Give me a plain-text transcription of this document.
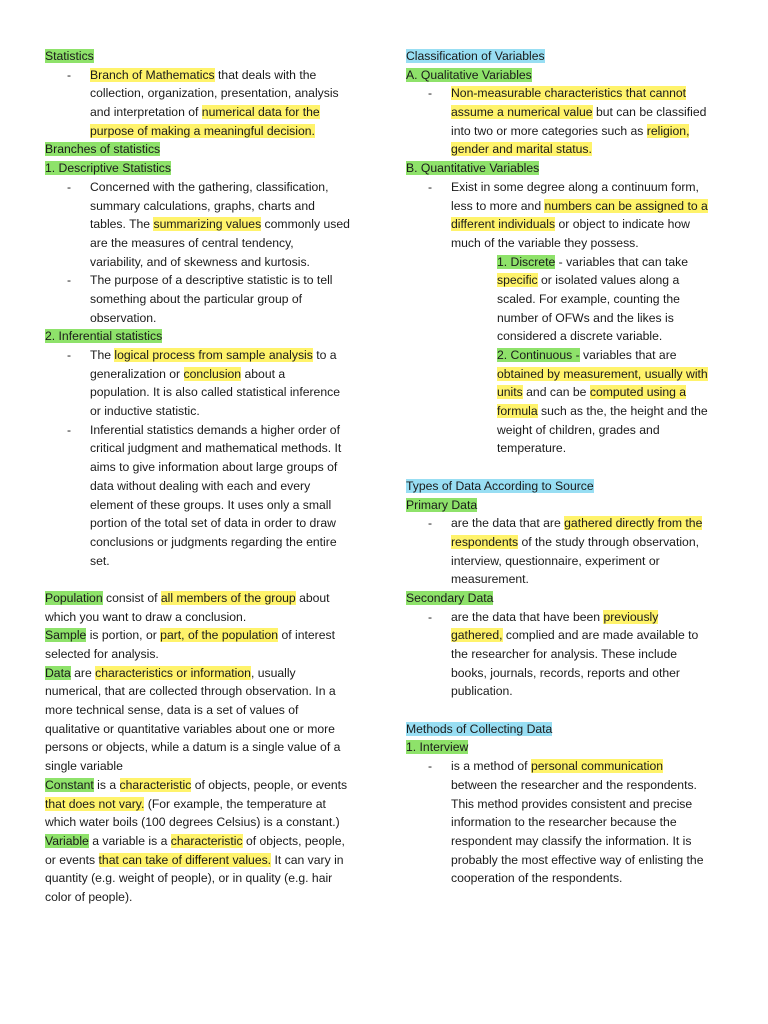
Statistics
- Branch of Mathematics that deals with the
collection, organization, presentation, analysis
and interpretation of numerical data for the
purpose of making a meaningful decision.
Branches of statistics
1. Descriptive Statistics
- Concerned with the gathering, classification,
summary calculations, graphs, charts and
tables. The summarizing values commonly used
are the measures of central tendency,
variability, and of skewness and kurtosis.
- The purpose of a descriptive statistic is to tell
something about the particular group of
observation.
2. Inferential statistics
- The logical process from sample analysis to a
generalization or conclusion about a
population. It is also called statistical inference
or inductive statistic.
- Inferential statistics demands a higher order of
critical judgment and mathematical methods. It
aims to give information about large groups of
data without dealing with each and every
element of these groups. It uses only a small
portion of the total set of data in order to draw
conclusions or judgments regarding the entire
set.
Population consist of all members of the group about
which you want to draw a conclusion.
Sample is portion, or part, of the population of interest
selected for analysis.
Data are characteristics or information, usually
numerical, that are collected through observation. In a
more technical sense, data is a set of values of
qualitative or quantitative variables about one or more
persons or objects, while a datum is a single value of a
single variable
Constant is a characteristic of objects, people, or events
that does not vary. (For example, the temperature at
which water boils (100 degrees Celsius) is a constant.)
Variable a variable is a characteristic of objects, people,
or events that can take of different values. It can vary in
quantity (e.g. weight of people), or in quality (e.g. hair
color of people).
Classification of Variables
A. Qualitative Variables
- Non-measurable characteristics that cannot
assume a numerical value but can be classified
into two or more categories such as religion,
gender and marital status.
B. Quantitative Variables
- Exist in some degree along a continuum form,
less to more and numbers can be assigned to a
different individuals or object to indicate how
much of the variable they possess.
1. Discrete - variables that can take
specific or isolated values along a
scaled. For example, counting the
number of OFWs and the likes is
considered a discrete variable.
2. Continuous - variables that are
obtained by measurement, usually with
units and can be computed using a
formula such as the, the height and the
weight of children, grades and
temperature.
Types of Data According to Source
Primary Data
- are the data that are gathered directly from the
respondents of the study through observation,
interview, questionnaire, experiment or
measurement.
Secondary Data
- are the data that have been previously
gathered, complied and are made available to
the researcher for analysis. These include
books, journals, records, reports and other
publication.
Methods of Collecting Data
1. Interview
- is a method of personal communication
between the researcher and the respondents.
This method provides consistent and precise
information to the researcher because the
respondent may classify the information. It is
probably the most effective way of enlisting the
cooperation of the respondents.
